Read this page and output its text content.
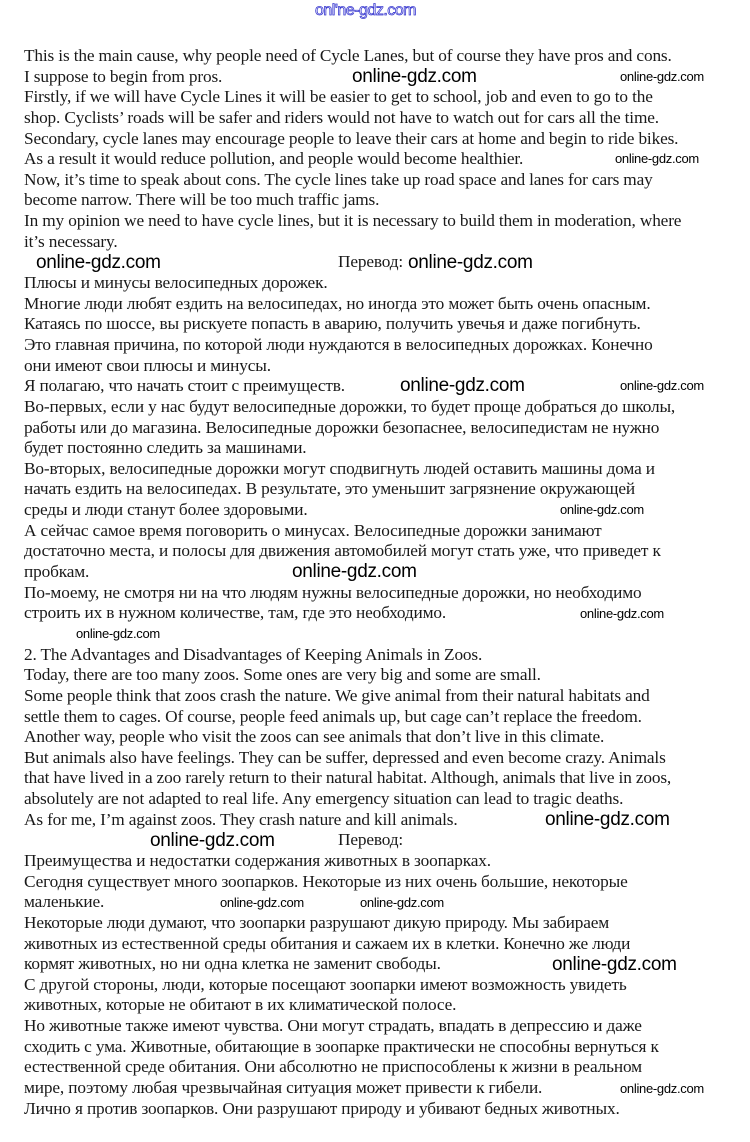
onl'ne-gdz.com
This is the main cause, why people need of Cycle Lanes, but of course they have pros and cons.
I suppose to begin from pros.
Firstly, if we will have Cycle Lines it will be easier to get to school, job and even to go to the
shop. Cyclists’ roads will be safer and riders would not have to watch out for cars all the time.
Secondary, cycle lanes may encourage people to leave their cars at home and begin to ride bikes.
As a result it would reduce pollution, and people would become healthier.
Now, it’s time to speak about cons. The cycle lines take up road space and lanes for cars may
become narrow. There will be too much traffic jams.
In my opinion we need to have cycle lines, but it is necessary to build them in moderation, where
it’s necessary.
Перевод:
Плюсы и минусы велосипедных дорожек.
Многие люди любят ездить на велосипедах, но иногда это может быть очень опасным.
Катаясь по шоссе, вы рискуете попасть в аварию, получить увечья и даже погибнуть.
Это главная причина, по которой люди нуждаются в велосипедных дорожках. Конечно
они имеют свои плюсы и минусы.
Я полагаю, что начать стоит с преимуществ.
Во-первых, если у нас будут велосипедные дорожки, то будет проще добраться до школы,
работы или до магазина. Велосипедные дорожки безопаснее, велосипедистам не нужно
будет постоянно следить за машинами.
Во-вторых, велосипедные дорожки могут сподвигнуть людей оставить машины дома и
начать ездить на велосипедах. В результате, это уменьшит загрязнение окружающей
среды и люди станут более здоровыми.
А сейчас самое время поговорить о минусах. Велосипедные дорожки занимают
достаточно места, и полосы для движения автомобилей могут стать уже, что приведет к
пробкам.
По-моему, не смотря ни на что людям нужны велосипедные дорожки, но необходимо
строить их в нужном количестве, там, где это необходимо.
2. The Advantages and Disadvantages of Keeping Animals in Zoos.
Today, there are too many zoos. Some ones are very big and some are small.
Some people think that zoos crash the nature. We give animal from their natural habitats and
settle them to cages. Of course, people feed animals up, but cage can’t replace the freedom.
Another way, people who visit the zoos can see animals that don’t live in this climate.
But animals also have feelings. They can be suffer, depressed and even become crazy. Animals
that have lived in a zoo rarely return to their natural habitat. Although, animals that live in zoos,
absolutely are not adapted to real life. Any emergency situation can lead to tragic deaths.
As for me, I’m against zoos. They crash nature and kill animals.
Перевод:
Преимущества и недостатки содержания животных в зоопарках.
Сегодня существует много зоопарков. Некоторые из них очень большие, некоторые
маленькие.
Некоторые люди думают, что зоопарки разрушают дикую природу. Мы забираем
животных из естественной среды обитания и сажаем их в клетки. Конечно же люди
кормят животных, но ни одна клетка не заменит свободы.
С другой стороны, люди, которые посещают зоопарки имеют возможность увидеть
животных, которые не обитают в их климатической полосе.
Но животные также имеют чувства. Они могут страдать, впадать в депрессию и даже
сходить с ума. Животные, обитающие в зоопарке практически не способны вернуться к
естественной среде обитания. Они абсолютно не приспособлены к жизни в реальном
мире, поэтому любая чрезвычайная ситуация может привести к гибели.
Лично я против зоопарков. Они разрушают природу и убивают бедных животных.
online-gdz.com	online-gdz.com
online-gdz.com
online-gdz.com
online-gdz.com
online-gdz.com	online-gdz.com
online-gdz.com
online-gdz.com
online-gdz.com
online-gdz.com
online-gdz.com
online-gdz.com
online-gdz.com
online-gdz.com	online-gdz.com
online-gdz.com
